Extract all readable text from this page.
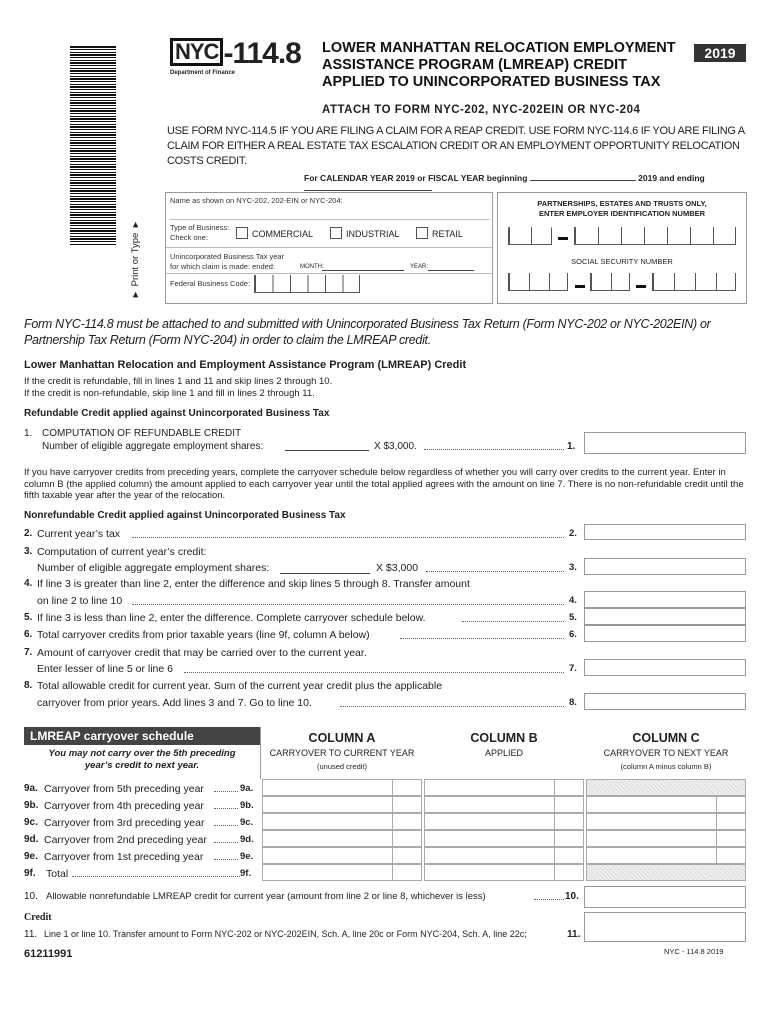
NYC -114.8
Department of Finance
LOWER MANHATTAN RELOCATION EMPLOYMENT ASSISTANCE PROGRAM (LMREAP) CREDIT APPLIED TO UNINCORPORATED BUSINESS TAX
2019
ATTACH TO FORM NYC-202, NYC-202EIN OR NYC-204
USE FORM NYC-114.5 IF YOU ARE FILING A CLAIM FOR A REAP CREDIT. USE FORM NYC-114.6 IF YOU ARE FILING A CLAIM FOR EITHER A REAL ESTATE TAX ESCALATION CREDIT OR AN EMPLOYMENT OPPORTUNITY RELOCATION COSTS CREDIT.
For CALENDAR YEAR 2019 or FISCAL YEAR beginning	2019 and ending
▼ Print or Type ▼
Name as shown on NYC-202, 202-EIN or NYC-204:
Type of Business:
Check one:	COMMERCIAL	INDUSTRIAL	RETAIL
Unincorporated Business Tax year
for which claim is made: ended:	MONTH:	YEAR:
Federal Business Code:
PARTNERSHIPS, ESTATES AND TRUSTS ONLY,
ENTER EMPLOYER IDENTIFICATION NUMBER
SOCIAL SECURITY NUMBER
Form NYC-114.8 must be attached to and submitted with Unincorporated Business Tax Return (Form NYC-202 or NYC-202EIN) or Partnership Tax Return (Form NYC-204) in order to claim the LMREAP credit.
Lower Manhattan Relocation and Employment Assistance Program (LMREAP) Credit
If the credit is refundable, fill in lines 1 and 11 and skip lines 2 through 10.
If the credit is non-refundable, skip line 1 and fill in lines 2 through 11.
Refundable Credit applied against Unincorporated Business Tax
1. COMPUTATION OF REFUNDABLE CREDIT
Number of eligible aggregate employment shares:	X $3,000.	1.
If you have carryover credits from preceding years, complete the carryover schedule below regardless of whether you will carry over credits to the current year. Enter in column B (the applied column) the amount applied to each carryover year until the total applied agrees with the amount on line 7. There is no non-refundable credit until the fifth taxable year after the year of the relocation.
Nonrefundable Credit applied against Unincorporated Business Tax
2. Current year’s tax	2.
3. Computation of current year’s credit:
Number of eligible aggregate employment shares:	X $3,000	3.
4. If line 3 is greater than line 2, enter the difference and skip lines 5 through 8. Transfer amount
on line 2 to line 10	4.
5. If line 3 is less than line 2, enter the difference. Complete carryover schedule below.	5.
6. Total carryover credits from prior taxable years (line 9f, column A below)	6.
7. Amount of carryover credit that may be carried over to the current year.
Enter lesser of line 5 or line 6	7.
8. Total allowable credit for current year. Sum of the current year credit plus the applicable
carryover from prior years. Add lines 3 and 7. Go to line 10.	8.
LMREAP carryover schedule
You may not carry over the 5th preceding year’s credit to next year.
COLUMN A
CARRYOVER TO CURRENT YEAR
(unused credit)
COLUMN B
APPLIED
COLUMN C
CARRYOVER TO NEXT YEAR
(column A minus column B)
9a. Carryover from 5th preceding year	9a.
9b. Carryover from 4th preceding year	9b.
9c. Carryover from 3rd preceding year	9c.
9d. Carryover from 2nd preceding year	9d.
9e. Carryover from 1st preceding year	9e.
9f. Total	9f.
10. Allowable nonrefundable LMREAP credit for current year (amount from line 2 or line 8, whichever is less)	10.
Credit
11. Line 1 or line 10. Transfer amount to Form NYC-202 or NYC-202EIN, Sch. A, line 20c or Form NYC-204, Sch. A, line 22c;	11.
61211991	NYC - 114.8 2019
